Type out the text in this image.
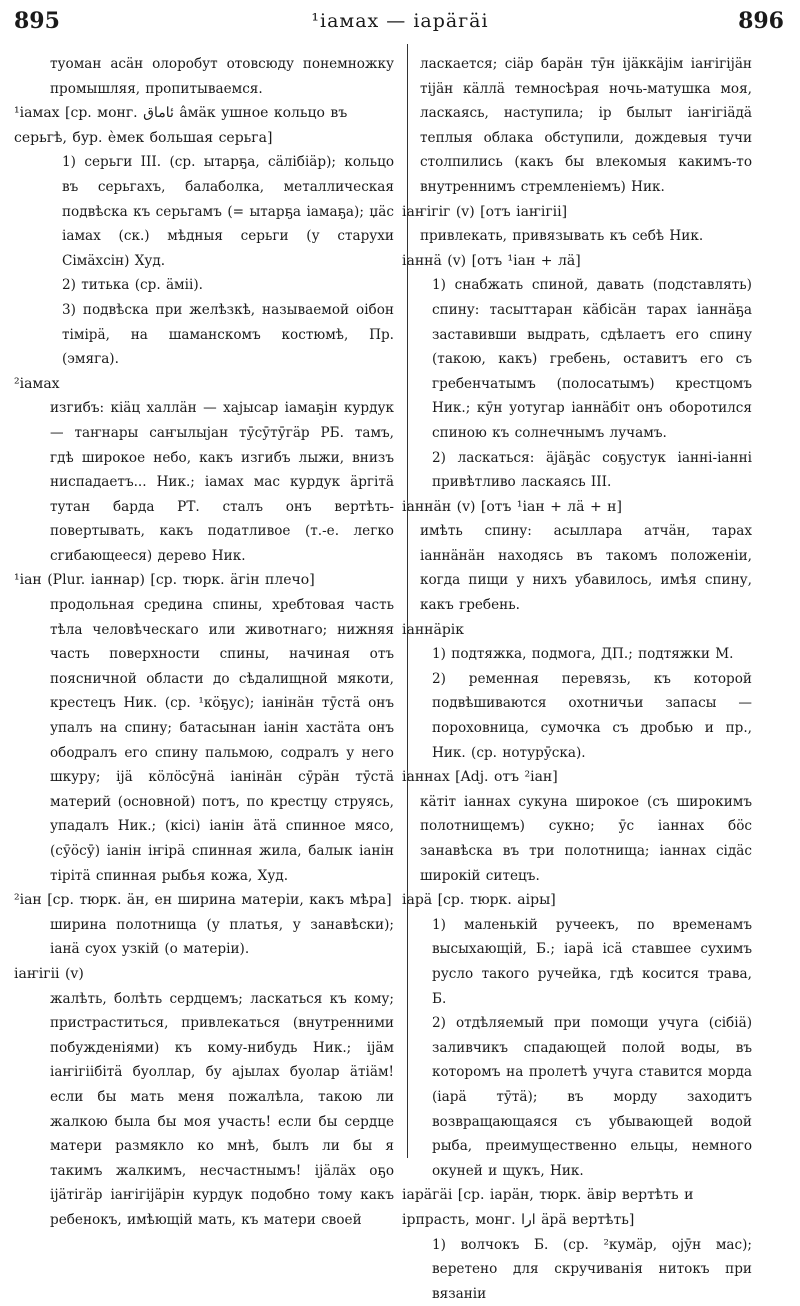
895	¹іамах — іарäгäі	896

туоман асäн олоробут отовсюду понемножку промышляя, пропитываемся.

¹іамах [ср. монг. ﺋﺎﻣﺎﻕ âмäк ушное кольцо въ серьгѣ, бур. ѐмек большая серьга]

1) серьги III. (ср. ытарҕа, сäлібіäр); кольцо въ серьгахъ, балаболка, металлическая подвѣска къ серьгамъ (= ытарҕа іамаҕа); џäс іамах (ск.) мѣдныя серьги (у старухи Сімäхсін) Худ.

2) титька (ср. äміі).

3) подвѣска при желѣзкѣ, называемой оібон тімірä, на шаманскомъ костюмѣ, Пр. (эмяга).

²іамах

изгибъ: кіäц халлäн — хаjысар іамаҕін курдук — таҥнары саҥылыjан тӯсӯтӯгäр РБ. тамъ, гдѣ широкое небо, какъ изгибъ лыжи, внизъ ниспадаетъ... Ник.; іамах мас курдук äргітä тутан барда РТ. сталъ онъ вертѣть-повертывать, какъ податливое (т.-е. легко сгибающееся) дерево Ник.

¹іан (Plur. іаннар) [ср. тюрк. äгін плечо]

продольная средина спины, хребтовая часть тѣла человѣческаго или животнаго; нижняя часть поверхности спины, начиная отъ поясничной области до сѣдалищной мякоти, крестецъ Ник. (ср. ¹кöҕус); іанінäн тӯстä онъ упалъ на спину; батасынан іанін хастäта онъ ободралъ его спину пальмою, содралъ у него шкуру; іjä кöлöсӯнä іанінäн сӯрäн тӯстä материй (основной) потъ, по крестцу струясь, упадалъ Ник.; (кісі) іанін äтä спинное мясо, (сӯöсӯ) іанін іҥірä спинная жила, балык іанін тірітä спинная рыбья кожа, Худ.

²іан [ср. тюрк. äн, ен ширина матеріи, какъ мѣра]

ширина полотнища (у платья, у занавѣски); іанä суох узкій (о матеріи).

іаҥігіі (v)

жалѣть, болѣть сердцемъ; ласкаться къ кому; пристраститься, привлекаться (внутренними побужденіями) къ кому-нибудь Ник.; іjäм іаҥігіібітä буоллар, бу аjылах буолар äтіäм! если бы мать меня пожалѣла, такою ли жалкою была бы моя участь! если бы сердце матери размякло ко мнѣ, былъ ли бы я такимъ жалкимъ, несчастнымъ! іjäлäх оҕо іjäтігäр іаҥігіjäрін курдук подобно тому какъ ребенокъ, имѣющій мать, къ матери своей

ласкается; сіäр барäн тӯн іjäккäjім іаҥігіjäн тіjäн кäллä темносѣрая ночь-матушка моя, ласкаясь, наступила; ір былыт іаҥігіäдä теплыя облака обступили, дождевыя тучи столпились (какъ бы влекомыя какимъ-то внутреннимъ стремленіемъ) Ник.

іаҥігіг (v) [отъ іаҥігіі]

привлекать, привязывать къ себѣ Ник.

іаннä (v) [отъ ¹іан + лä]

1) снабжать спиной, давать (подставлять) спину: тасыттаран кäбісäн тарах іаннäҕа заставивши выдрать, сдѣлаетъ его спину (такою, какъ) гребень, оставитъ его съ гребенчатымъ (полосатымъ) крестцомъ Ник.; кӯн уотугар іаннäбіт онъ оборотился спиною къ солнечнымъ лучамъ.

2) ласкаться: äjäҕäс соҕустук іаннi-іаннi привѣтливо ласкаясь III.

іаннäн (v) [отъ ¹іан + лä + н]

имѣть спину: асыллара атчäн, тарах іаннäнäн находясь въ такомъ положеніи, когда пищи у нихъ убавилось, имѣя спину, какъ гребень.

іаннäрік

1) подтяжка, подмога, ДП.; подтяжки М.

2) ременная перевязь, къ которой подвѣшиваются охотничьи запасы — пороховница, сумочка съ дробью и пр., Ник. (ср. нотурӯска).

іаннах [Adj. отъ ²іан]

кäтіт іаннах сукуна широкое (съ широкимъ полотнищемъ) сукно; ӯс іаннах бöс занавѣска въ три полотнища; іаннах сідäс широкій ситецъ.

іарä [ср. тюрк. аіры]

1) маленькій ручеекъ, по временамъ высыхающій, Б.; іарä ісä ставшее сухимъ русло такого ручейка, гдѣ косится трава, Б.

2) отдѣляемый при помощи учуга (сібіä) заливчикъ спадающей полой воды, въ которомъ на пролетѣ учуга ставится морда (іарä тӯтä); въ морду заходитъ возвращающаяся съ убывающей водой рыба, преимущественно ельцы, немного окуней и щукъ, Ник.

іарäгäі [ср. іарäн, тюрк. äвір вертѣть и ірпрасть, монг. ﺍﺭﺍ äрä вертѣть]

1) волчокъ Б. (ср. ²кумäр, оjӯн мас); веретено для скручиванія нитокъ при вязаніи
